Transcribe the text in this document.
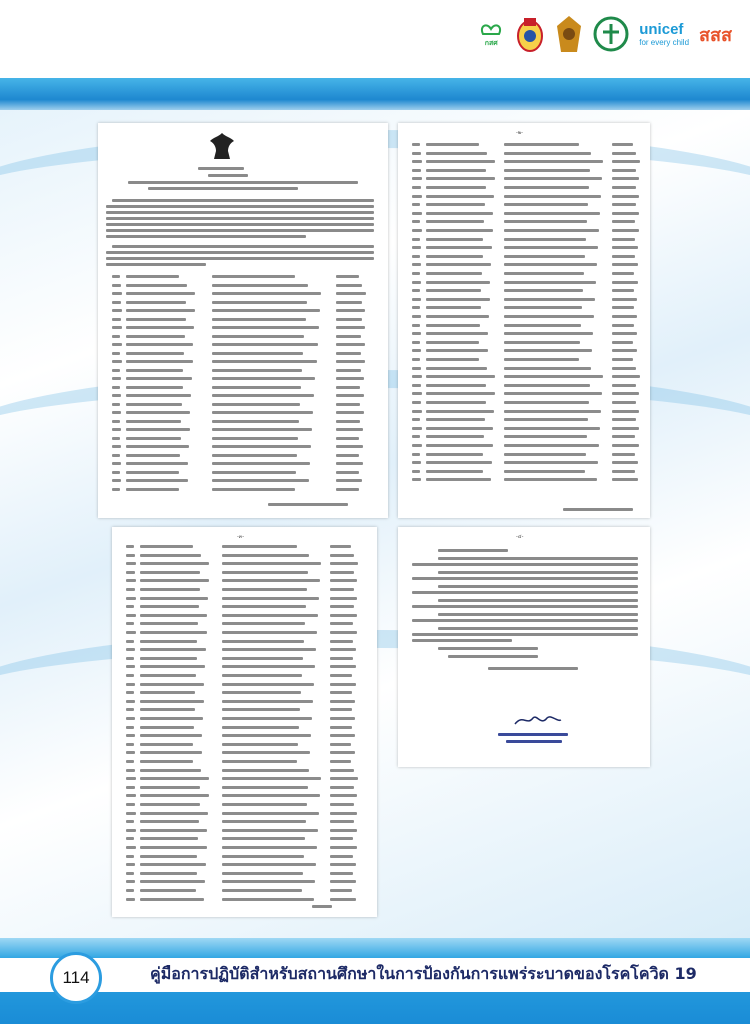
กสศ
unicef
for every child สสส
-๒-
-๓-	-๔-
114	คู่มือการปฏิบัติสำหรับสถานศึกษาในการป้องกันการแพร่ระบาดของโรคโควิด 19
